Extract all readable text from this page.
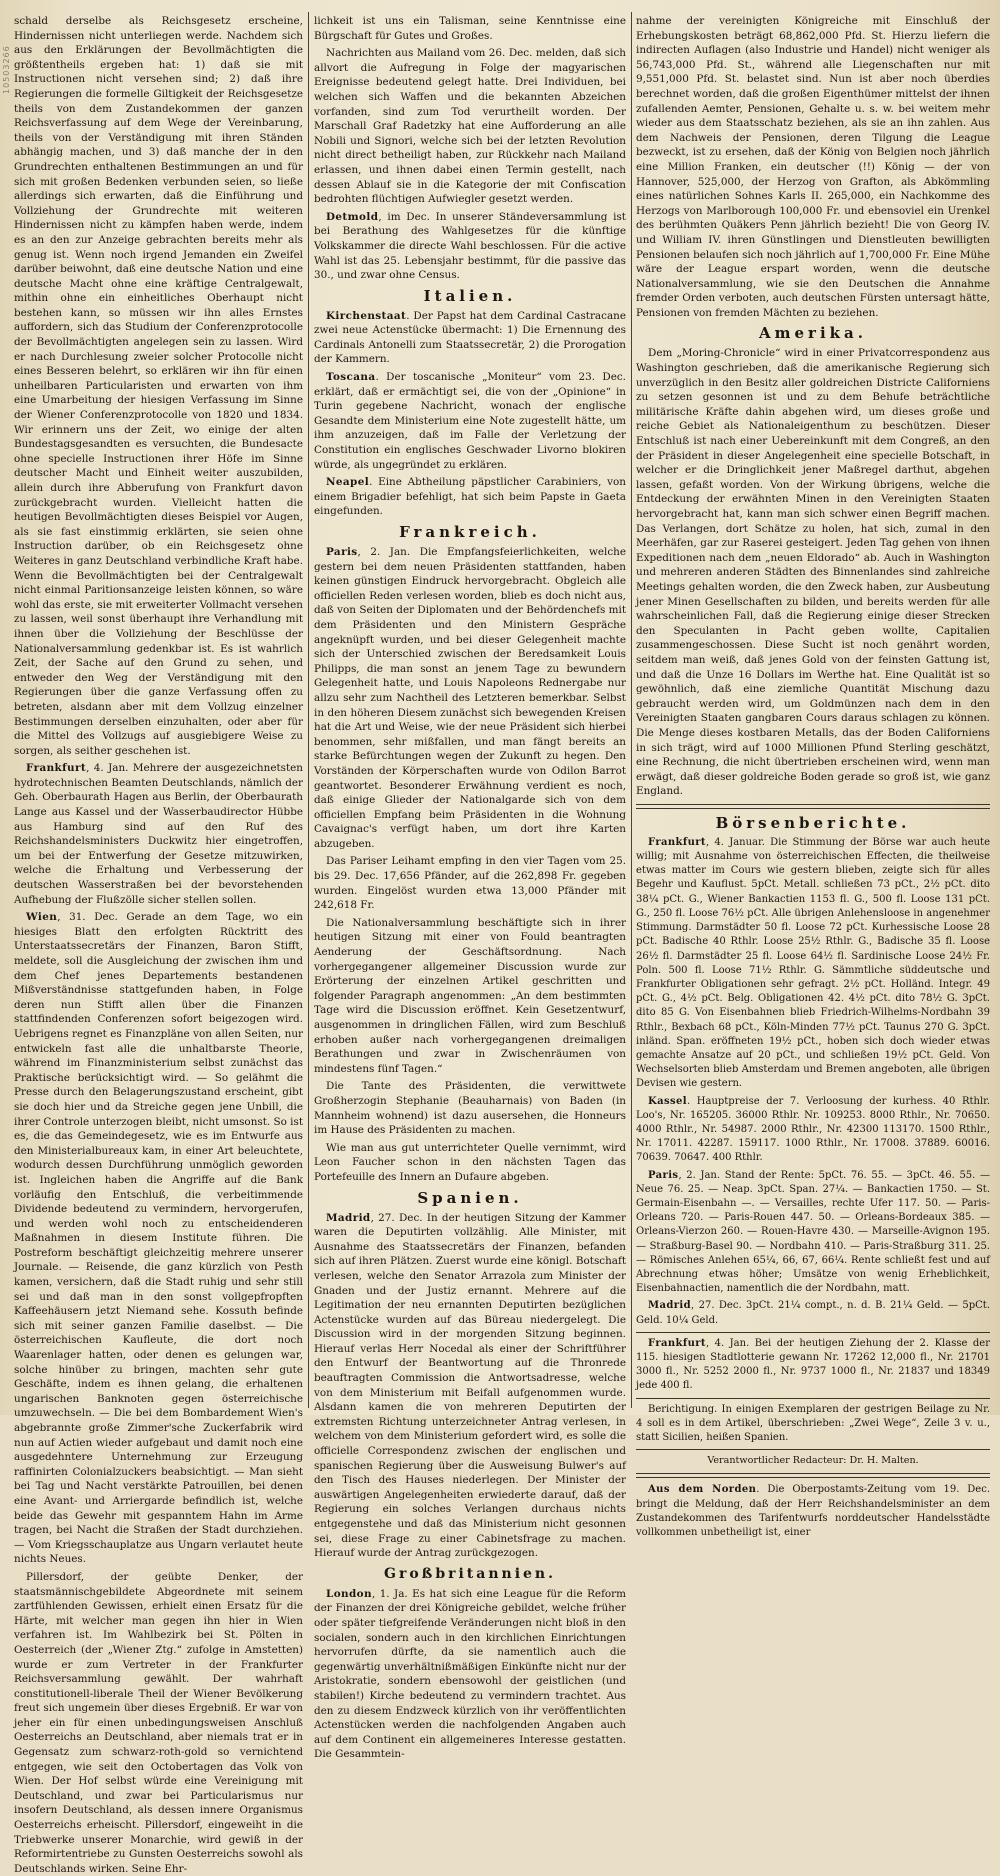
10503266

schald derselbe als Reichsgesetz erscheine, Hindernissen nicht unterliegen werde. Nachdem sich aus den Erklärungen der Bevollmächtigten die größtentheils ergeben hat: 1) daß sie mit Instructionen nicht versehen sind; 2) daß ihre Regierungen die formelle Giltigkeit der Reichsgesetze theils von dem Zustandekommen der ganzen Reichsverfassung auf dem Wege der Vereinbarung, theils von der Verständigung mit ihren Ständen abhängig machen, und 3) daß manche der in den Grundrechten enthaltenen Bestimmungen an und für sich mit großen Bedenken verbunden seien, so ließe allerdings sich erwarten, daß die Einführung und Vollziehung der Grundrechte mit weiteren Hindernissen nicht zu kämpfen haben werde, indem es an den zur Anzeige gebrachten bereits mehr als genug ist. Wenn noch irgend Jemanden ein Zweifel darüber beiwohnt, daß eine deutsche Nation und eine deutsche Macht ohne eine kräftige Centralgewalt, mithin ohne ein einheitliches Oberhaupt nicht bestehen kann, so müssen wir ihn alles Ernstes auffordern, sich das Studium der Conferenzprotocolle der Bevollmächtigten angelegen sein zu lassen. Wird er nach Durchlesung zweier solcher Protocolle nicht eines Besseren belehrt, so erklären wir ihn für einen unheilbaren Particularisten und erwarten von ihm eine Umarbeitung der hiesigen Verfassung im Sinne der Wiener Conferenzprotocolle von 1820 und 1834. Wir erinnern uns der Zeit, wo einige der alten Bundestagsgesandten es versuchten, die Bundesacte ohne specielle Instructionen ihrer Höfe im Sinne deutscher Macht und Einheit weiter auszubilden, allein durch ihre Abberufung von Frankfurt davon zurückgebracht wurden. Vielleicht hatten die heutigen Bevollmächtigten dieses Beispiel vor Augen, als sie fast einstimmig erklärten, sie seien ohne Instruction darüber, ob ein Reichsgesetz ohne Weiteres in ganz Deutschland verbindliche Kraft habe. Wenn die Bevollmächtigten bei der Centralgewalt nicht einmal Paritionsanzeige leisten können, so wäre wohl das erste, sie mit erweiterter Vollmacht versehen zu lassen, weil sonst überhaupt ihre Verhandlung mit ihnen über die Vollziehung der Beschlüsse der Nationalversammlung gedenkbar ist. Es ist wahrlich Zeit, der Sache auf den Grund zu sehen, und entweder den Weg der Verständigung mit den Regierungen über die ganze Verfassung offen zu betreten, alsdann aber mit dem Vollzug einzelner Bestimmungen derselben einzuhalten, oder aber für die Mittel des Vollzugs auf ausgiebigere Weise zu sorgen, als seither geschehen ist.

Frankfurt, 4. Jan. Mehrere der ausgezeichnetsten hydrotechnischen Beamten Deutschlands, nämlich der Geh. Oberbaurath Hagen aus Berlin, der Oberbaurath Lange aus Kassel und der Wasserbaudirector Hübbe aus Hamburg sind auf den Ruf des Reichshandelsministers Duckwitz hier eingetroffen, um bei der Entwerfung der Gesetze mitzuwirken, welche die Erhaltung und Verbesserung der deutschen Wasserstraßen bei der bevorstehenden Aufhebung der Flußzölle sicher stellen sollen.

Wien, 31. Dec. Gerade an dem Tage, wo ein hiesiges Blatt den erfolgten Rücktritt des Unterstaatssecretärs der Finanzen, Baron Stifft, meldete, soll die Ausgleichung der zwischen ihm und dem Chef jenes Departements bestandenen Mißverständnisse stattgefunden haben, in Folge deren nun Stifft allen über die Finanzen stattfindenden Conferenzen sofort beigezogen wird. Uebrigens regnet es Finanzpläne von allen Seiten, nur entwickeln fast alle die unhaltbarste Theorie, während im Finanzministerium selbst zunächst das Praktische berücksichtigt wird. — So gelähmt die Presse durch den Belagerungszustand erscheint, gibt sie doch hier und da Streiche gegen jene Unbill, die ihrer Controle unterzogen bleibt, nicht umsonst. So ist es, die das Gemeindegesetz, wie es im Entwurfe aus den Ministerialbureaux kam, in einer Art beleuchtete, wodurch dessen Durchführung unmöglich geworden ist. Ingleichen haben die Angriffe auf die Bank vorläufig den Entschluß, die verbeitimmende Dividende bedeutend zu vermindern, hervorgerufen, und werden wohl noch zu entscheidenderen Maßnahmen in diesem Institute führen. Die Postreform beschäftigt gleichzeitig mehrere unserer Journale. — Reisende, die ganz kürzlich von Pesth kamen, versichern, daß die Stadt ruhig und sehr still sei und daß man in den sonst vollgepfropften Kaffeehäusern jetzt Niemand sehe. Kossuth befinde sich mit seiner ganzen Familie daselbst. — Die österreichischen Kaufleute, die dort noch Waarenlager hatten, oder denen es gelungen war, solche hinüber zu bringen, machten sehr gute Geschäfte, indem es ihnen gelang, die erhaltenen ungarischen Banknoten gegen österreichische umzuwechseln. — Die bei dem Bombardement Wien's abgebrannte große Zimmer'sche Zuckerfabrik wird nun auf Actien wieder aufgebaut und damit noch eine ausgedehntere Unternehmung zur Erzeugung raffinirten Colonialzuckers beabsichtigt. — Man sieht bei Tag und Nacht verstärkte Patrouillen, bei denen eine Avant- und Arriergarde befindlich ist, welche beide das Gewehr mit gespanntem Hahn im Arme tragen, bei Nacht die Straßen der Stadt durchziehen. — Vom Kriegsschauplatze aus Ungarn verlautet heute nichts Neues.

Pillersdorf, der geübte Denker, der staatsmännischgebildete Abgeordnete mit seinem zartfühlenden Gewissen, erhielt einen Ersatz für die Härte, mit welcher man gegen ihn hier in Wien verfahren ist. Im Wahlbezirk bei St. Pölten in Oesterreich (der „Wiener Ztg.“ zufolge in Amstetten) wurde er zum Vertreter in der Frankfurter Reichsversammlung gewählt. Der wahrhaft constitutionell-liberale Theil der Wiener Bevölkerung freut sich ungemein über dieses Ergebniß. Er war von jeher ein für einen unbedingungsweisen Anschluß Oesterreichs an Deutschland, aber niemals trat er in Gegensatz zum schwarz-roth-gold so vernichtend entgegen, wie seit den Octobertagen das Volk von Wien. Der Hof selbst würde eine Vereinigung mit Deutschland, und zwar bei Particularismus nur insofern Deutschland, als dessen innere Organismus Oesterreichs erheischt. Pillersdorf, eingeweiht in die Triebwerke unserer Monarchie, wird gewiß in der Reformirtentriebe zu Gunsten Oesterreichs sowohl als Deutschlands wirken. Seine Ehr-

lichkeit ist uns ein Talisman, seine Kenntnisse eine Bürgschaft für Gutes und Großes.

Nachrichten aus Mailand vom 26. Dec. melden, daß sich allvort die Aufregung in Folge der magyarischen Ereignisse bedeutend gelegt hatte. Drei Individuen, bei welchen sich Waffen und die bekannten Abzeichen vorfanden, sind zum Tod verurtheilt worden. Der Marschall Graf Radetzky hat eine Aufforderung an alle Nobili und Signori, welche sich bei der letzten Revolution nicht direct betheiligt haben, zur Rückkehr nach Mailand erlassen, und ihnen dabei einen Termin gestellt, nach dessen Ablauf sie in die Kategorie der mit Confiscation bedrohten flüchtigen Aufwiegler gesetzt werden.

Detmold, im Dec. In unserer Ständeversammlung ist bei Berathung des Wahlgesetzes für die künftige Volkskammer die directe Wahl beschlossen. Für die active Wahl ist das 25. Lebensjahr bestimmt, für die passive das 30., und zwar ohne Census.

Italien.

Kirchenstaat. Der Papst hat dem Cardinal Castracane zwei neue Actenstücke übermacht: 1) Die Ernennung des Cardinals Antonelli zum Staatssecretär, 2) die Prorogation der Kammern.

Toscana. Der toscanische „Moniteur“ vom 23. Dec. erklärt, daß er ermächtigt sei, die von der „Opinione“ in Turin gegebene Nachricht, wonach der englische Gesandte dem Ministerium eine Note zugestellt hätte, um ihm anzuzeigen, daß im Falle der Verletzung der Constitution ein englisches Geschwader Livorno blokiren würde, als ungegründet zu erklären.

Neapel. Eine Abtheilung päpstlicher Carabiniers, von einem Brigadier befehligt, hat sich beim Papste in Gaeta eingefunden.

Frankreich.

Paris, 2. Jan. Die Empfangsfeierlichkeiten, welche gestern bei dem neuen Präsidenten stattfanden, haben keinen günstigen Eindruck hervorgebracht. Obgleich alle officiellen Reden verlesen worden, blieb es doch nicht aus, daß von Seiten der Diplomaten und der Behördenchefs mit dem Präsidenten und den Ministern Gespräche angeknüpft wurden, und bei dieser Gelegenheit machte sich der Unterschied zwischen der Beredsamkeit Louis Philipps, die man sonst an jenem Tage zu bewundern Gelegenheit hatte, und Louis Napoleons Rednergabe nur allzu sehr zum Nachtheil des Letzteren bemerkbar. Selbst in den höheren Diesem zunächst sich bewegenden Kreisen hat die Art und Weise, wie der neue Präsident sich hierbei benommen, sehr mißfallen, und man fängt bereits an starke Befürchtungen wegen der Zukunft zu hegen. Den Vorständen der Körperschaften wurde von Odilon Barrot geantwortet. Besonderer Erwähnung verdient es noch, daß einige Glieder der Nationalgarde sich von dem officiellen Empfang beim Präsidenten in die Wohnung Cavaignac's verfügt haben, um dort ihre Karten abzugeben.

Das Pariser Leihamt empfing in den vier Tagen vom 25. bis 29. Dec. 17,656 Pfänder, auf die 262,898 Fr. gegeben wurden. Eingelöst wurden etwa 13,000 Pfänder mit 242,618 Fr.

Die Nationalversammlung beschäftigte sich in ihrer heutigen Sitzung mit einer von Fould beantragten Aenderung der Geschäftsordnung. Nach vorhergegangener allgemeiner Discussion wurde zur Erörterung der einzelnen Artikel geschritten und folgender Paragraph angenommen: „An dem bestimmten Tage wird die Discussion eröffnet. Kein Gesetzentwurf, ausgenommen in dringlichen Fällen, wird zum Beschluß erhoben außer nach vorhergegangenen dreimaligen Berathungen und zwar in Zwischenräumen von mindestens fünf Tagen.“

Die Tante des Präsidenten, die verwittwete Großherzogin Stephanie (Beauharnais) von Baden (in Mannheim wohnend) ist dazu ausersehen, die Honneurs im Hause des Präsidenten zu machen.

Wie man aus gut unterrichteter Quelle vernimmt, wird Leon Faucher schon in den nächsten Tagen das Portefeuille des Innern an Dufaure abgeben.

Spanien.

Madrid, 27. Dec. In der heutigen Sitzung der Kammer waren die Deputirten vollzählig. Alle Minister, mit Ausnahme des Staatssecretärs der Finanzen, befanden sich auf ihren Plätzen. Zuerst wurde eine königl. Botschaft verlesen, welche den Senator Arrazola zum Minister der Gnaden und der Justiz ernannt. Mehrere auf die Legitimation der neu ernannten Deputirten bezüglichen Actenstücke wurden auf das Büreau niedergelegt. Die Discussion wird in der morgenden Sitzung beginnen. Hierauf verlas Herr Nocedal als einer der Schriftführer den Entwurf der Beantwortung auf die Thronrede beauftragten Commission die Antwortsadresse, welche von dem Ministerium mit Beifall aufgenommen wurde. Alsdann kamen die von mehreren Deputirten der extremsten Richtung unterzeichneter Antrag verlesen, in welchem von dem Ministerium gefordert wird, es solle die officielle Correspondenz zwischen der englischen und spanischen Regierung über die Ausweisung Bulwer's auf den Tisch des Hauses niederlegen. Der Minister der auswärtigen Angelegenheiten erwiederte darauf, daß der Regierung ein solches Verlangen durchaus nichts entgegenstehe und daß das Ministerium nicht gesonnen sei, diese Frage zu einer Cabinetsfrage zu machen. Hierauf wurde der Antrag zurückgezogen.

Großbritannien.

London, 1. Ja. Es hat sich eine League für die Reform der Finanzen der drei Königreiche gebildet, welche früher oder später tiefgreifende Veränderungen nicht bloß in den socialen, sondern auch in den kirchlichen Einrichtungen hervorrufen dürfte, da sie namentlich auch die gegenwärtig unverhältnißmäßigen Einkünfte nicht nur der Aristokratie, sondern ebensowohl der geistlichen (und stabilen!) Kirche bedeutend zu vermindern trachtet. Aus den zu diesem Endzweck kürzlich von ihr veröffentlichten Actenstücken werden die nachfolgenden Angaben auch auf dem Continent ein allgemeineres Interesse gestatten. Die Gesammtein-

nahme der vereinigten Königreiche mit Einschluß der Erhebungskosten beträgt 68,862,000 Pfd. St. Hierzu liefern die indirecten Auflagen (also Industrie und Handel) nicht weniger als 56,743,000 Pfd. St., während alle Liegenschaften nur mit 9,551,000 Pfd. St. belastet sind. Nun ist aber noch überdies berechnet worden, daß die großen Eigenthümer mittelst der ihnen zufallenden Aemter, Pensionen, Gehalte u. s. w. bei weitem mehr wieder aus dem Staatsschatz beziehen, als sie an ihn zahlen. Aus dem Nachweis der Pensionen, deren Tilgung die League bezweckt, ist zu ersehen, daß der König von Belgien noch jährlich eine Million Franken, ein deutscher (!!) König — der von Hannover, 525,000, der Herzog von Grafton, als Abkömmling eines natürlichen Sohnes Karls II. 265,000, ein Nachkomme des Herzogs von Marlborough 100,000 Fr. und ebensoviel ein Urenkel des berühmten Quäkers Penn jährlich bezieht! Die von Georg IV. und William IV. ihren Günstlingen und Dienstleuten bewilligten Pensionen belaufen sich noch jährlich auf 1,700,000 Fr. Eine Mühe wäre der League erspart worden, wenn die deutsche Nationalversammlung, wie sie den Deutschen die Annahme fremder Orden verboten, auch deutschen Fürsten untersagt hätte, Pensionen von fremden Mächten zu beziehen.

Amerika.

Dem „Moring-Chronicle“ wird in einer Privatcorrespondenz aus Washington geschrieben, daß die amerikanische Regierung sich unverzüglich in den Besitz aller goldreichen Districte Californiens zu setzen gesonnen ist und zu dem Behufe beträchtliche militärische Kräfte dahin abgehen wird, um dieses große und reiche Gebiet als Nationaleigenthum zu beschützen. Dieser Entschluß ist nach einer Uebereinkunft mit dem Congreß, an den der Präsident in dieser Angelegenheit eine specielle Botschaft, in welcher er die Dringlichkeit jener Maßregel darthut, abgehen lassen, gefaßt worden. Von der Wirkung übrigens, welche die Entdeckung der erwähnten Minen in den Vereinigten Staaten hervorgebracht hat, kann man sich schwer einen Begriff machen. Das Verlangen, dort Schätze zu holen, hat sich, zumal in den Meerhäfen, gar zur Raserei gesteigert. Jeden Tag gehen von ihnen Expeditionen nach dem „neuen Eldorado“ ab. Auch in Washington und mehreren anderen Städten des Binnenlandes sind zahlreiche Meetings gehalten worden, die den Zweck haben, zur Ausbeutung jener Minen Gesellschaften zu bilden, und bereits werden für alle wahrscheinlichen Fall, daß die Regierung einige dieser Strecken den Speculanten in Pacht geben wollte, Capitalien zusammengeschossen. Diese Sucht ist noch genährt worden, seitdem man weiß, daß jenes Gold von der feinsten Gattung ist, und daß die Unze 16 Dollars im Werthe hat. Eine Qualität ist so gewöhnlich, daß eine ziemliche Quantität Mischung dazu gebraucht werden wird, um Goldmünzen nach dem in den Vereinigten Staaten gangbaren Cours daraus schlagen zu können. Die Menge dieses kostbaren Metalls, das der Boden Californiens in sich trägt, wird auf 1000 Millionen Pfund Sterling geschätzt, eine Rechnung, die nicht übertrieben erscheinen wird, wenn man erwägt, daß dieser goldreiche Boden gerade so groß ist, wie ganz England.

Börsenberichte.

Frankfurt, 4. Januar. Die Stimmung der Börse war auch heute willig; mit Ausnahme von österreichischen Effecten, die theilweise etwas matter im Cours wie gestern blieben, zeigte sich für alles Begehr und Kauflust. 5pCt. Metall. schließen 73 pCt., 2½ pCt. dito 38¼ pCt. G., Wiener Bankactien 1153 fl. G., 500 fl. Loose 131 pCt. G., 250 fl. Loose 76½ pCt. Alle übrigen Anlehensloose in angenehmer Stimmung. Darmstädter 50 fl. Loose 72 pCt. Kurhessische Loose 28 pCt. Badische 40 Rthlr. Loose 25½ Rthlr. G., Badische 35 fl. Loose 26½ fl. Darmstädter 25 fl. Loose 64½ fl. Sardinische Loose 24½ Fr. Poln. 500 fl. Loose 71½ Rthlr. G. Sämmtliche süddeutsche und Frankfurter Obligationen sehr gefragt. 2½ pCt. Holländ. Integr. 49 pCt. G., 4½ pCt. Belg. Obligationen 42. 4½ pCt. dito 78½ G. 3pCt. dito 85 G. Von Eisenbahnen blieb Friedrich-Wilhelms-Nordbahn 39 Rthlr., Bexbach 68 pCt., Köln-Minden 77½ pCt. Taunus 270 G. 3pCt. inländ. Span. eröffneten 19½ pCt., hoben sich doch wieder etwas gemachte Ansatze auf 20 pCt., und schließen 19½ pCt. Geld. Von Wechselsorten blieb Amsterdam und Bremen angeboten, alle übrigen Devisen wie gestern.

Kassel. Hauptpreise der 7. Verloosung der kurhess. 40 Rthlr. Loo's, Nr. 165205. 36000 Rthlr. Nr. 109253. 8000 Rthlr., Nr. 70650. 4000 Rthlr., Nr. 54987. 2000 Rthlr., Nr. 42300 113170. 1500 Rthlr., Nr. 17011. 42287. 159117. 1000 Rthlr., Nr. 17008. 37889. 60016. 70639. 70647. 400 Rthlr.

Paris, 2. Jan. Stand der Rente: 5pCt. 76. 55. — 3pCt. 46. 55. — Neue 76. 25. — Neap. 3pCt. Span. 27¼. — Bankactien 1750. — St. Germain-Eisenbahn —. — Versailles, rechte Ufer 117. 50. — Paris-Orleans 720. — Paris-Rouen 447. 50. — Orleans-Bordeaux 385. — Orleans-Vierzon 260. — Rouen-Havre 430. — Marseille-Avignon 195. — Straßburg-Basel 90. — Nordbahn 410. — Paris-Straßburg 311. 25. — Römisches Anlehen 65¼, 66, 67, 66¼. Rente schließt fest und auf Abrechnung etwas höher; Umsätze von wenig Erheblichkeit, Eisenbahnactien, namentlich die der Nordbahn, matt.

Madrid, 27. Dec. 3pCt. 21¼ compt., n. d. B. 21¼ Geld. — 5pCt. Geld. 10¼ Geld.

Frankfurt, 4. Jan. Bei der heutigen Ziehung der 2. Klasse der 115. hiesigen Stadtlotterie gewann Nr. 17262 12,000 fl., Nr. 21701 3000 fl., Nr. 5252 2000 fl., Nr. 9737 1000 fl., Nr. 21837 und 18349 jede 400 fl.

Berichtigung. In einigen Exemplaren der gestrigen Beilage zu Nr. 4 soll es in dem Artikel, überschrieben: „Zwei Wege“, Zeile 3 v. u., statt Sicilien, heißen Spanien.

Verantwortlicher Redacteur: Dr. H. Malten.

Aus dem Norden. Die Oberpostamts-Zeitung vom 19. Dec. bringt die Meldung, daß der Herr Reichshandelsminister an dem Zustandekommen des Tarifentwurfs norddeutscher Handelsstädte vollkommen unbetheiligt ist, einer
